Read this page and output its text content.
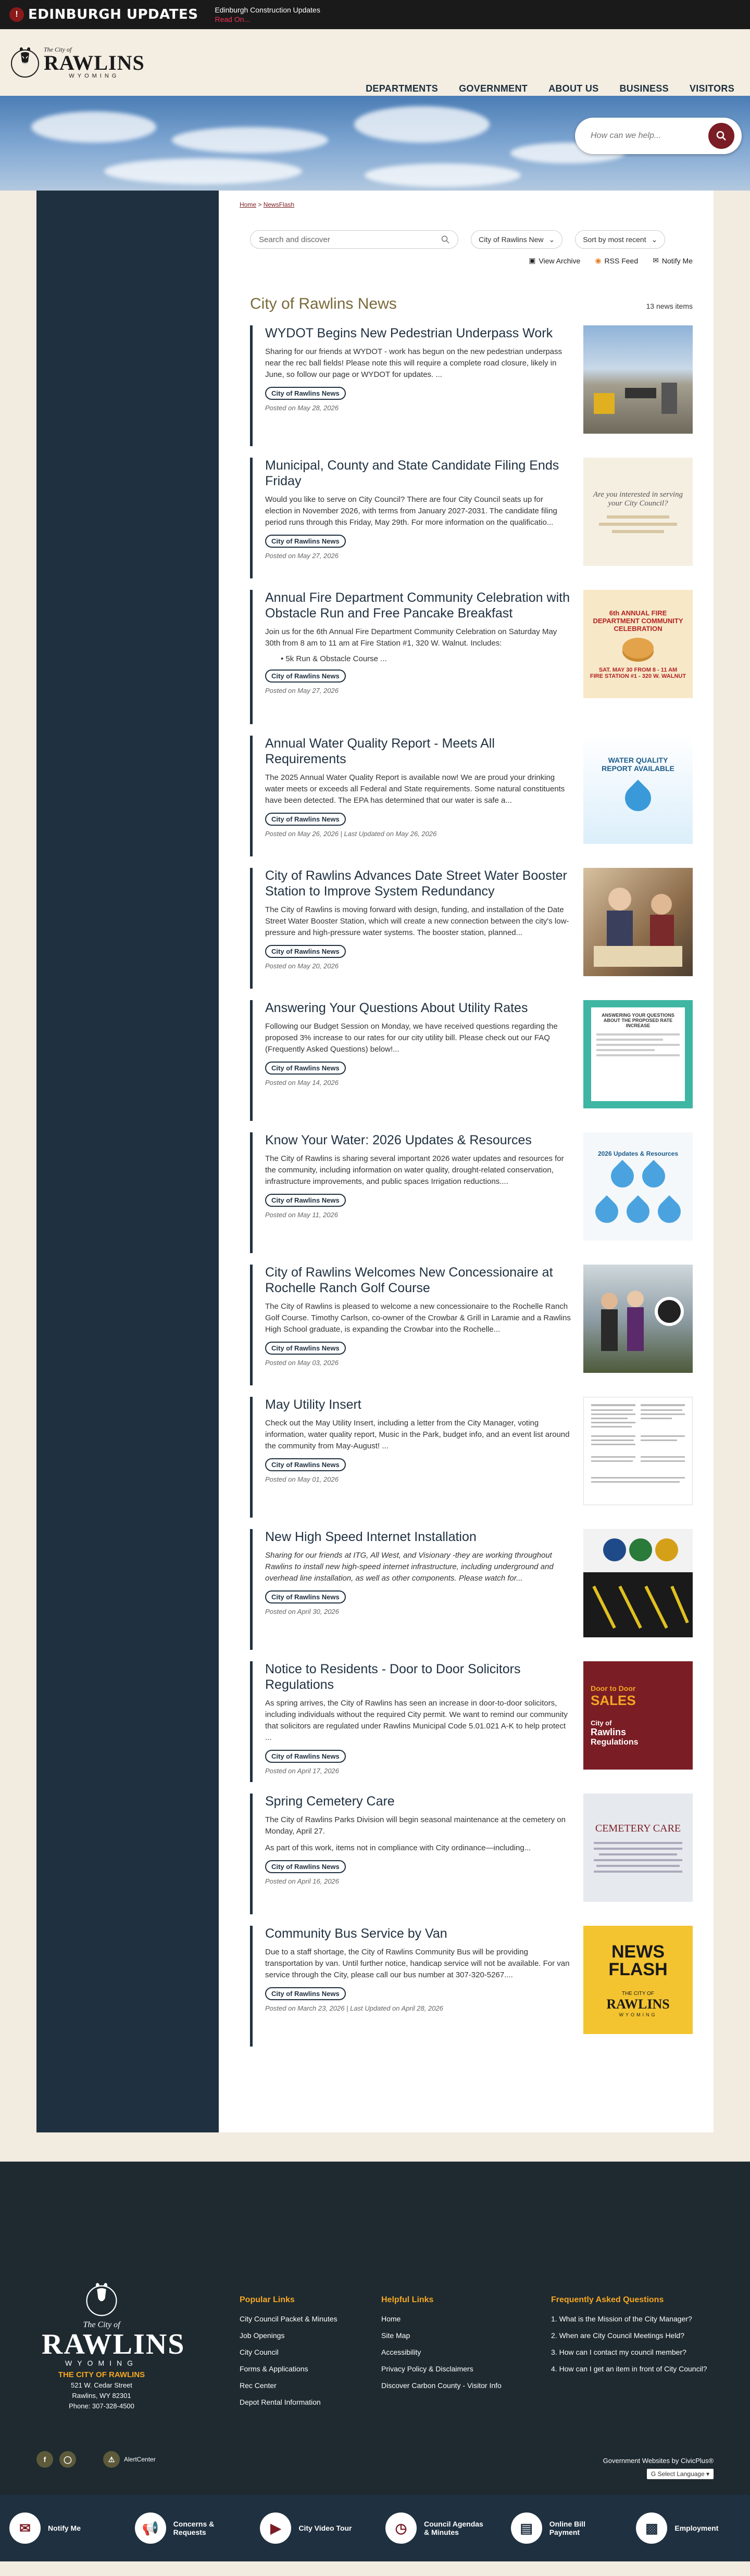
! EDINBURGH UPDATES Edinburgh Construction Updates
Read On...
The City of
RAWLINS
WYOMING
DEPARTMENTS GOVERNMENT ABOUT US BUSINESS VISITORS
How can we help...
Home > NewsFlash
Search and discover	City of Rawlins New ⌄	Sort by most recent ⌄
▣ View Archive ◉ RSS Feed ✉ Notify Me
City of Rawlins News	13 news items
WYDOT Begins New Pedestrian Underpass Work

Sharing for our friends at WYDOT - work has begun on the new pedestrian underpass near the rec ball fields! Please note this will require a complete road closure, likely in June, so follow our page or WYDOT for updates. ...

City of Rawlins News

Posted on May 28, 2026

Municipal, County and State Candidate Filing Ends Friday

Would you like to serve on City Council? There are four City Council seats up for election in November 2026, with terms from January 2027-2031. The candidate filing period runs through this Friday, May 29th. For more information on the qualificatio...

City of Rawlins News

Posted on May 27, 2026

Are you interested in serving your City Council?
Annual Fire Department Community Celebration with Obstacle Run and Free Pancake Breakfast

Join us for the 6th Annual Fire Department Community Celebration on Saturday May 30th from 8 am to 11 am at Fire Station #1, 320 W. Walnut. Includes:

• 5k Run & Obstacle Course ...

City of Rawlins News

Posted on May 27, 2026

6th ANNUAL FIRE DEPARTMENT COMMUNITY CELEBRATION
SAT. MAY 30 FROM 8 - 11 AM
FIRE STATION #1 - 320 W. WALNUT
Annual Water Quality Report - Meets All Requirements

The 2025 Annual Water Quality Report is available now! We are proud your drinking water meets or exceeds all Federal and State requirements. Some natural constituents have been detected. The EPA has determined that our water is safe a...

City of Rawlins News

Posted on May 26, 2026 | Last Updated on May 26, 2026

WATER QUALITY REPORT AVAILABLE
City of Rawlins Advances Date Street Water Booster Station to Improve System Redundancy

The City of Rawlins is moving forward with design, funding, and installation of the Date Street Water Booster Station, which will create a new connection between the city's low-pressure and high-pressure water systems. The booster station, planned...

City of Rawlins News

Posted on May 20, 2026

Answering Your Questions About Utility Rates

Following our Budget Session on Monday, we have received questions regarding the proposed 3% increase to our rates for our city utility bill. Please check out our FAQ (Frequently Asked Questions) below!...

City of Rawlins News

Posted on May 14, 2026

ANSWERING YOUR QUESTIONS ABOUT THE PROPOSED RATE INCREASE
Know Your Water: 2026 Updates & Resources

The City of Rawlins is sharing several important 2026 water updates and resources for the community, including information on water quality, drought-related conservation, infrastructure improvements, and public spaces Irrigation reductions....

City of Rawlins News

Posted on May 11, 2026

2026 Updates & Resources
City of Rawlins Welcomes New Concessionaire at Rochelle Ranch Golf Course

The City of Rawlins is pleased to welcome a new concessionaire to the Rochelle Ranch Golf Course. Timothy Carlson, co-owner of the Crowbar & Grill in Laramie and a Rawlins High School graduate, is expanding the Crowbar into the Rochelle...

City of Rawlins News

Posted on May 03, 2026

May Utility Insert

Check out the May Utility Insert, including a letter from the City Manager, voting information, water quality report, Music in the Park, budget info, and an event list around the community from May-August! ...

City of Rawlins News

Posted on May 01, 2026

New High Speed Internet Installation

Sharing for our friends at ITG, All West, and Visionary -they are working throughout Rawlins to install new high-speed internet infrastructure, including underground and overhead line installation, as well as other components. Please watch for...

City of Rawlins News

Posted on April 30, 2026

Notice to Residents - Door to Door Solicitors Regulations

As spring arrives, the City of Rawlins has seen an increase in door-to-door solicitors, including individuals without the required City permit. We want to remind our community that solicitors are regulated under Rawlins Municipal Code 5.01.021 A-K to help protect ...

City of Rawlins News

Posted on April 17, 2026

Door to Door
SALES
City of
Rawlins
Regulations
Spring Cemetery Care

The City of Rawlins Parks Division will begin seasonal maintenance at the cemetery on Monday, April 27.

As part of this work, items not in compliance with City ordinance—including...

City of Rawlins News

Posted on April 16, 2026

CEMETERY CARE
Community Bus Service by Van

Due to a staff shortage, the City of Rawlins Community Bus will be providing transportation by van. Until further notice, handicap service will not be available. For van service through the City, please call our bus number at 307-320-5267....

City of Rawlins News

Posted on March 23, 2026 | Last Updated on April 28, 2026

NEWS
FLASH
THE CITY OF
RAWLINS
WYOMING
The City of
RAWLINS
WYOMING
THE CITY OF RAWLINS
521 W. Cedar Street
Rawlins, WY 82301
Phone: 307-328-4500
Popular Links
City Council Packet & Minutes
Job Openings
City Council
Forms & Applications
Rec Center
Depot Rental Information
Helpful Links
Home
Site Map
Accessibility
Privacy Policy & Disclaimers
Discover Carbon County - Visitor Info
Frequently Asked Questions
1. What is the Mission of the City Manager?
2. When are City Council Meetings Held?
3. How can I contact my council member?
4. How can I get an item in front of City Council?
f	◯	⚠	AlertCenter	Government Websites by CivicPlus®
G Select Language ▾
✉ Notify Me	📢 Concerns & Requests	▶ City Video Tour	◷ Council Agendas & Minutes	▤ Online Bill Payment	▩ Employment
